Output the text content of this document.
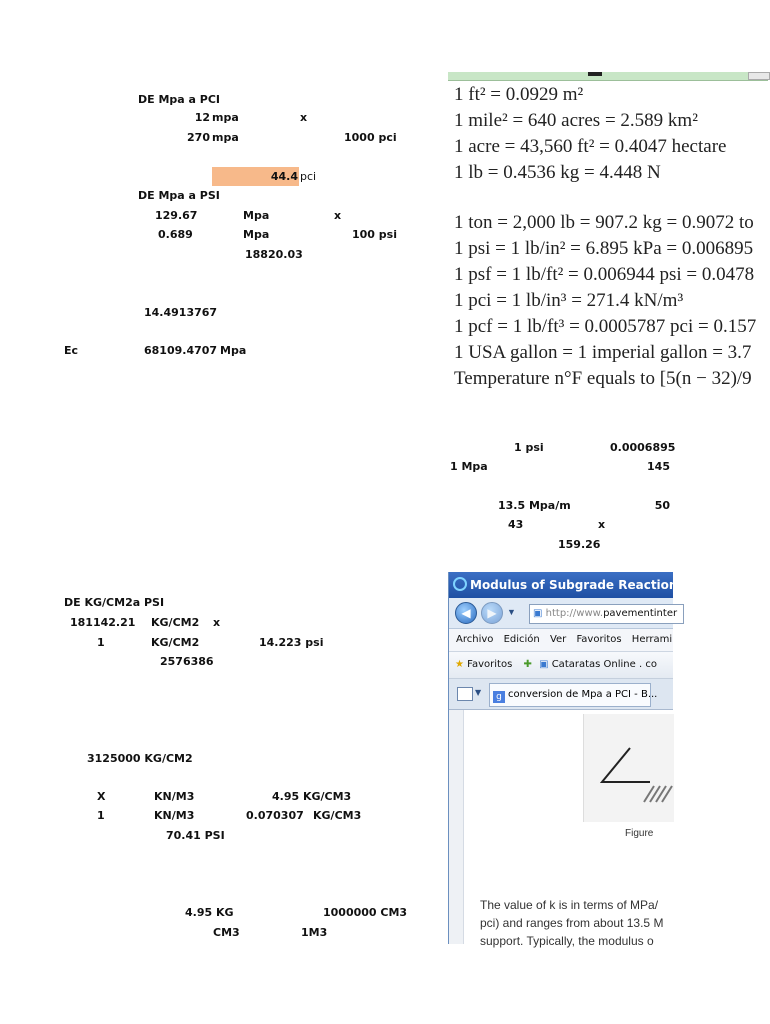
DE Mpa a PCI
12 mpa	x
270 mpa	1000 pci
44.4 pci
DE Mpa a PSI
129.67	Mpa	x
0.689	Mpa	100 psi
18820.03
14.4913767
Ec	68109.4707 Mpa
1 psi	0.0006895
1 Mpa	145
13.5 Mpa/m	50
43	x
159.26
DE KG/CM2a PSI
181142.21 KG/CM2 x
1	KG/CM2	14.223 psi
2576386
3125000 KG/CM2
X	KN/M3	4.95 KG/CM3
1	KN/M3	0.070307 KG/CM3
70.41 PSI
4.95 KG	1000000 CM3
CM3	1M3
1 ft² = 0.0929 m²
1 mile² = 640 acres = 2.589 km²
1 acre = 43,560 ft² = 0.4047 hectare
1 lb = 0.4536 kg = 4.448 N
1 ton = 2,000 lb = 907.2 kg = 0.9072 to
1 psi = 1 lb/in² = 6.895 kPa = 0.006895
1 psf = 1 lb/ft² = 0.006944 psi = 0.0478
1 pci = 1 lb/in³ = 271.4 kN/m³
1 pcf = 1 lb/ft³ = 0.0005787 pci = 0.157
1 USA gallon = 1 imperial gallon = 3.7
Temperature n°F equals to [5(n − 32)/9
Modulus of Subgrade Reaction | Pa
◀	▶	▼	▣ http://www.pavementinter
Archivo Edición Ver Favoritos Herrami
★ Favoritos ✚ ▣ Cataratas Online . co
▼	g conversion de Mpa a PCI - B...
Figure
The value of k is in terms of MPa/
pci) and ranges from about 13.5 M
support. Typically, the modulus o
